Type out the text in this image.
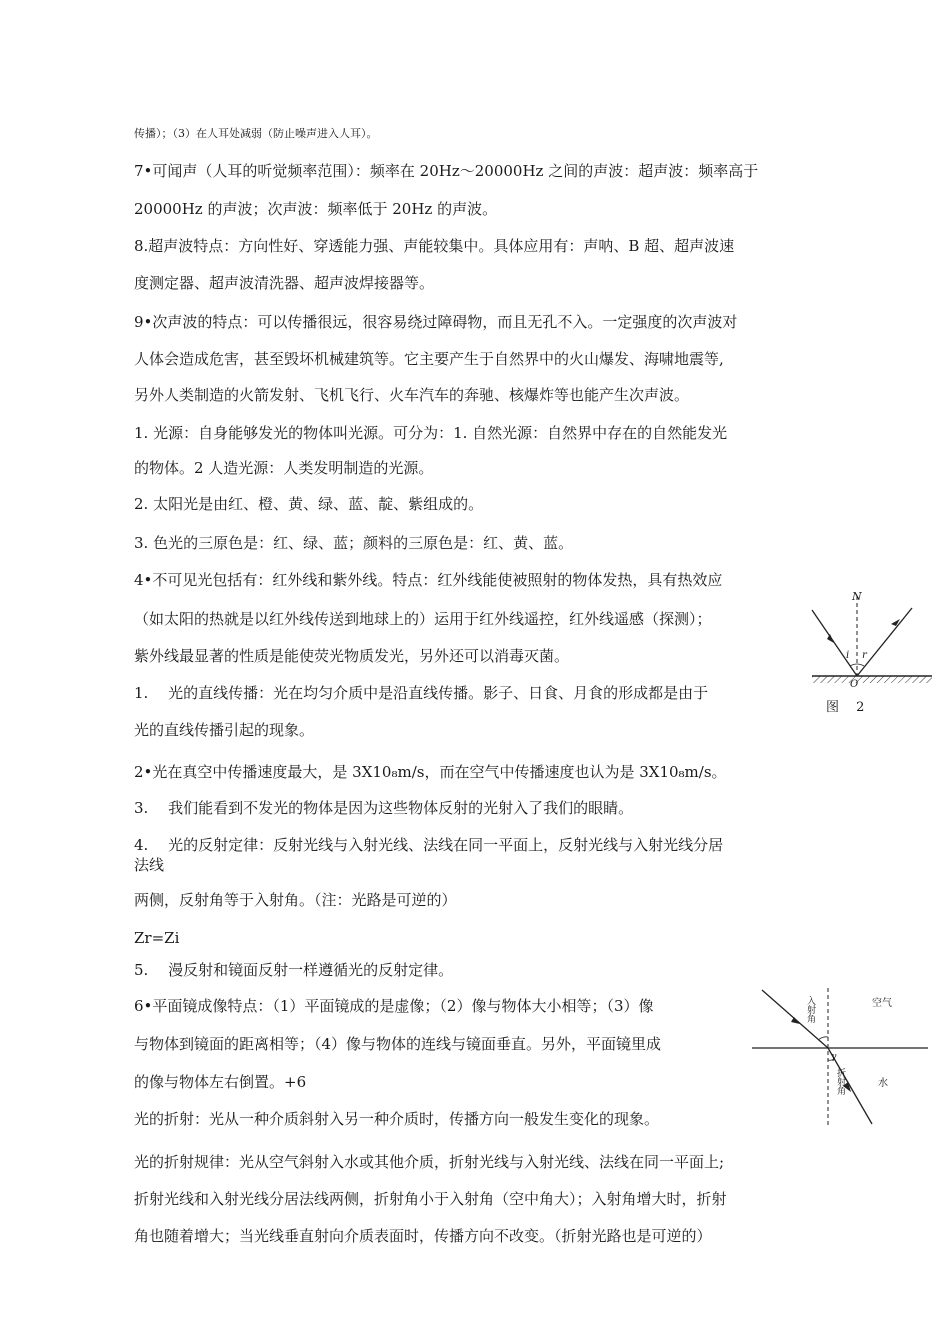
传播）；（3）在人耳处减弱（防止噪声进入人耳）。
7•可闻声（人耳的听觉频率范围）：频率在 20Hz～20000Hz 之间的声波：超声波：频率高于
20000Hz 的声波；次声波：频率低于 20Hz 的声波。
8.超声波特点：方向性好、穿透能力强、声能较集中。具体应用有：声呐、B 超、超声波速
度测定器、超声波清洗器、超声波焊接器等。
9•次声波的特点：可以传播很远，很容易绕过障碍物，而且无孔不入。一定强度的次声波对
人体会造成危害，甚至毁坏机械建筑等。它主要产生于自然界中的火山爆发、海啸地震等,
另外人类制造的火箭发射、飞机飞行、火车汽车的奔驰、核爆炸等也能产生次声波。
1. 光源：自身能够发光的物体叫光源。可分为：1. 自然光源：自然界中存在的自然能发光
的物体。2 人造光源：人类发明制造的光源。
2. 太阳光是由红、橙、黄、绿、蓝、靛、紫组成的。
3. 色光的三原色是：红、绿、蓝；颜料的三原色是：红、黄、蓝。
4•不可见光包括有：红外线和紫外线。特点：红外线能使被照射的物体发热，具有热效应
（如太阳的热就是以红外线传送到地球上的）运用于红外线遥控，红外线遥感（探测）；
紫外线最显著的性质是能使荧光物质发光，另外还可以消毒灭菌。
1.　 光的直线传播：光在均匀介质中是沿直线传播。影子、日食、月食的形成都是由于
光的直线传播引起的现象。
2•光在真空中传播速度最大，是 3X10₈m/s，而在空气中传播速度也认为是 3X10₈m/s。
3.　 我们能看到不发光的物体是因为这些物体反射的光射入了我们的眼睛。
4.　 光的反射定律：反射光线与入射光线、法线在同一平面上，反射光线与入射光线分居
法线
两侧，反射角等于入射角。（注：光路是可逆的）
Zr=Zi
5.　 漫反射和镜面反射一样遵循光的反射定律。
6•平面镜成像特点：（1）平面镜成的是虚像；（2）像与物体大小相等；（3）像
与物体到镜面的距离相等；（4）像与物体的连线与镜面垂直。另外，平面镜里成
的像与物体左右倒置。+6
光的折射：光从一种介质斜射入另一种介质时，传播方向一般发生变化的现象。
光的折射规律：光从空气斜射入水或其他介质，折射光线与入射光线、法线在同一平面上;
折射光线和入射光线分居法线两侧，折射角小于入射角（空中角大）；入射角增大时，折射
角也随着增大；当光线垂直射向介质表面时，传播方向不改变。（折射光路也是可逆的）
N
i r
O
图　 2
空气
水
入射角
折射角
γ
